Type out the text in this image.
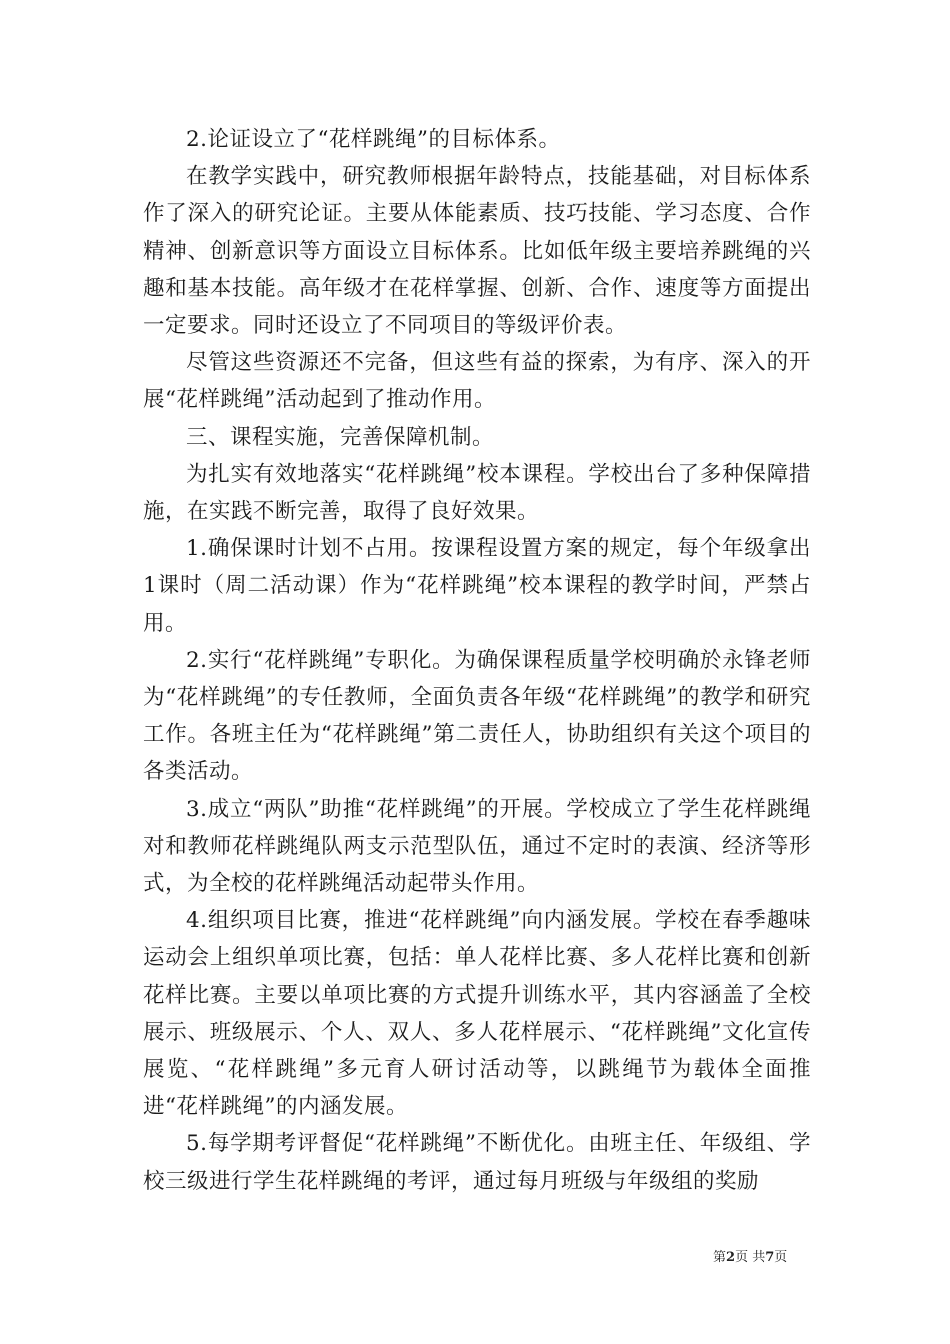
2.论证设立了“花样跳绳”的目标体系。

在教学实践中，研究教师根据年龄特点，技能基础，对目标体系作了深入的研究论证。主要从体能素质、技巧技能、学习态度、合作精神、创新意识等方面设立目标体系。比如低年级主要培养跳绳的兴趣和基本技能。高年级才在花样掌握、创新、合作、速度等方面提出一定要求。同时还设立了不同项目的等级评价表。

尽管这些资源还不完备，但这些有益的探索，为有序、深入的开展“花样跳绳”活动起到了推动作用。

三、课程实施，完善保障机制。

为扎实有效地落实“花样跳绳”校本课程。学校出台了多种保障措施，在实践不断完善，取得了良好效果。

1.确保课时计划不占用。按课程设置方案的规定，每个年级拿出1课时（周二活动课）作为“花样跳绳”校本课程的教学时间，严禁占用。

2.实行“花样跳绳”专职化。为确保课程质量学校明确於永锋老师为“花样跳绳”的专任教师，全面负责各年级“花样跳绳”的教学和研究工作。各班主任为“花样跳绳”第二责任人，协助组织有关这个项目的各类活动。

3.成立“两队”助推“花样跳绳”的开展。学校成立了学生花样跳绳对和教师花样跳绳队两支示范型队伍，通过不定时的表演、经济等形式，为全校的花样跳绳活动起带头作用。

4.组织项目比赛，推进“花样跳绳”向内涵发展。学校在春季趣味运动会上组织单项比赛，包括：单人花样比赛、多人花样比赛和创新花样比赛。主要以单项比赛的方式提升训练水平，其内容涵盖了全校展示、班级展示、个人、双人、多人花样展示、“花样跳绳”文化宣传展览、“花样跳绳”多元育人研讨活动等，以跳绳节为载体全面推进“花样跳绳”的内涵发展。

5.每学期考评督促“花样跳绳”不断优化。由班主任、年级组、学校三级进行学生花样跳绳的考评，通过每月班级与年级组的奖励

第2页 共7页
